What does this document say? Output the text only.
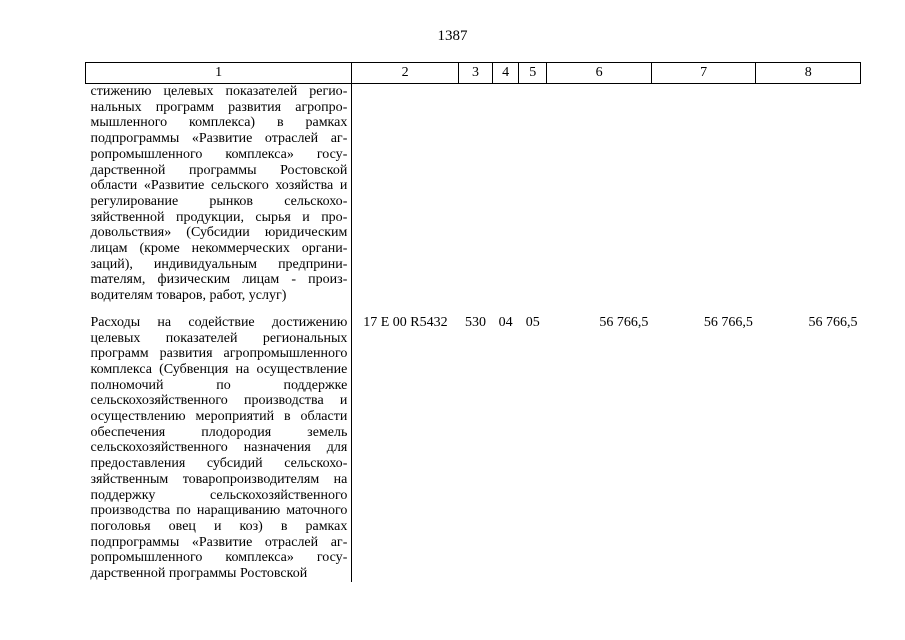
1387
1	2	3	4	5	6	7	8
стижению целевых показателей региональных программ развития агропромышленного комплекса) в рамках подпрограммы «Развитие отраслей агропромышленного комплекса» государственной программы Ростовской области «Развитие сельского хозяйства и регулирование рынков сельскохозяйственной продукции, сырья и продовольствия» (Субсидии юридическим лицам (кроме некоммерческих организаций), индивидуальным предприниmателям, физическим лицам - производителям товаров, работ, услуг)							
Расходы на содействие достижению целевых показателей региональных программ развития агропромышленного комплекса (Субвенция на осуществление полномочий по поддержке сельскохозяйственного производства и осуществлению мероприятий в области обеспечения плодородия земель сельскохозяйственного назначения для предоставления субсидий сельскохозяйственным товаропроизводителям на поддержку сельскохозяйственного производства по наращиванию маточного поголовья овец и коз) в рамках подпрограммы «Развитие отраслей агропромышленного комплекса» государственной программы Ростовской	17 Е 00 R5432	530	04	05	56 766,5	56 766,5	56 766,5
